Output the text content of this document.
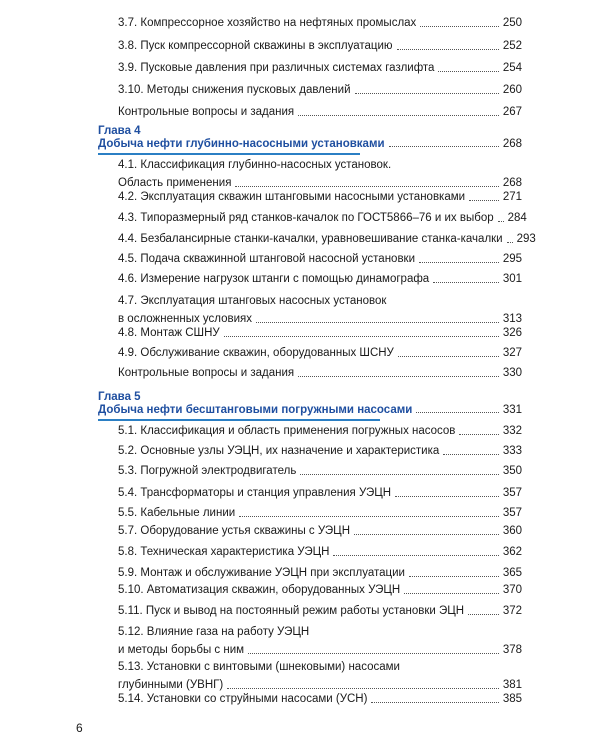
3.7. Компрессорное хозяйство на нефтяных промыслах	250
3.8. Пуск компрессорной скважины в эксплуатацию	252
3.9. Пусковые давления при различных системах газлифта	254
3.10. Методы снижения пусковых давлений	260
Контрольные вопросы и задания	267
Глава 4
Добыча нефти глубинно-насосными установками	268
4.1. Классификация глубинно-насосных установок.
Область применения	268
4.2. Эксплуатация скважин штанговыми насосными установками	271
4.3. Типоразмерный ряд станков-качалок по ГОСТ5866–76 и их выбор 284
4.4. Безбалансирные станки-качалки, уравновешивание станка-качалки 293
4.5. Подача скважинной штанговой насосной установки	295
4.6. Измерение нагрузок штанги с помощью динамографа	301
4.7. Эксплуатация штанговых насосных установок
в осложненных условиях	313
4.8. Монтаж СШНУ	326
4.9. Обслуживание скважин, оборудованных ШСНУ	327
Контрольные вопросы и задания	330
Глава 5
Добыча нефти бесштанговыми погружными насосами	331
5.1. Классификация и область применения погружных насосов	332
5.2. Основные узлы УЭЦН, их назначение и характеристика	333
5.3. Погружной электродвигатель	350
5.4. Трансформаторы и станция управления УЭЦН	357
5.5. Кабельные линии	357
5.7. Оборудование устья скважины с УЭЦН	360
5.8. Техническая характеристика УЭЦН	362
5.9. Монтаж и обслуживание УЭЦН при эксплуатации	365
5.10. Автоматизация скважин, оборудованных УЭЦН	370
5.11. Пуск и вывод на постоянный режим работы установки ЭЦН	372
5.12. Влияние газа на работу УЭЦН
и методы борьбы с ним	378
5.13. Установки с винтовыми (шнековыми) насосами
глубинными (УВНГ)	381
5.14. Установки со струйными насосами (УСН)	385
6
